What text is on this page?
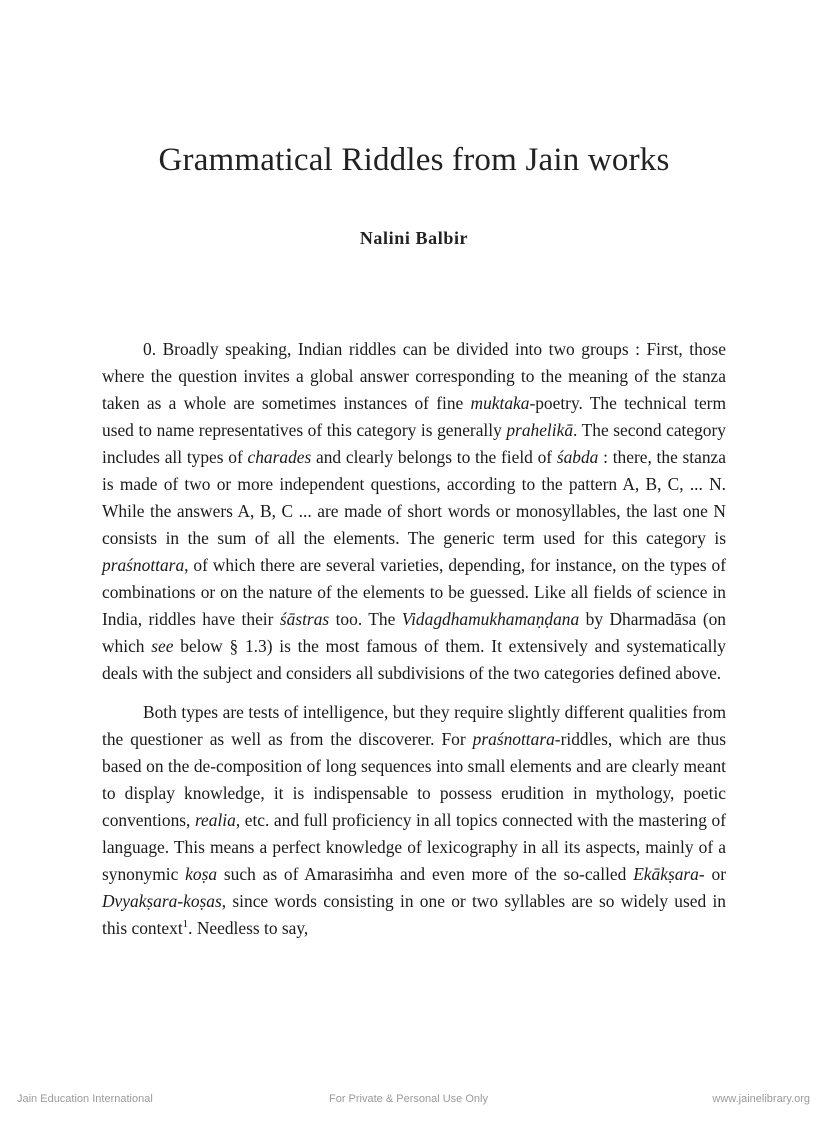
Grammatical Riddles from Jain works
Nalini Balbir

0. Broadly speaking, Indian riddles can be divided into two groups : First, those where the question invites a global answer corresponding to the meaning of the stanza taken as a whole are sometimes instances of fine muktaka-poetry. The technical term used to name representatives of this category is generally prahelikā. The second category includes all types of charades and clearly belongs to the field of śabda : there, the stanza is made of two or more independent questions, according to the pattern A, B, C, ... N. While the answers A, B, C ... are made of short words or monosyllables, the last one N consists in the sum of all the elements. The generic term used for this category is praśnottara, of which there are several varieties, depending, for instance, on the types of combinations or on the nature of the elements to be guessed. Like all fields of science in India, riddles have their śāstras too. The Vidagdhamukhamaṇḍana by Dharmadāsa (on which see below § 1.3) is the most famous of them. It extensively and systematically deals with the subject and considers all subdivisions of the two categories defined above.

Both types are tests of intelligence, but they require slightly different qualities from the questioner as well as from the discoverer. For praśnottara-riddles, which are thus based on the de-composition of long sequences into small elements and are clearly meant to display knowledge, it is indispensable to possess erudition in mythology, poetic conventions, realia, etc. and full proficiency in all topics connected with the mastering of language. This means a perfect knowledge of lexicography in all its aspects, mainly of a synonymic koṣa such as of Amarasiṁha and even more of the so-called Ekākṣara- or Dvyakṣara-koṣas, since words consisting in one or two syllables are so widely used in this context$^1$. Needless to say,

Jain Education International	For Private & Personal Use Only	www.jainelibrary.org
